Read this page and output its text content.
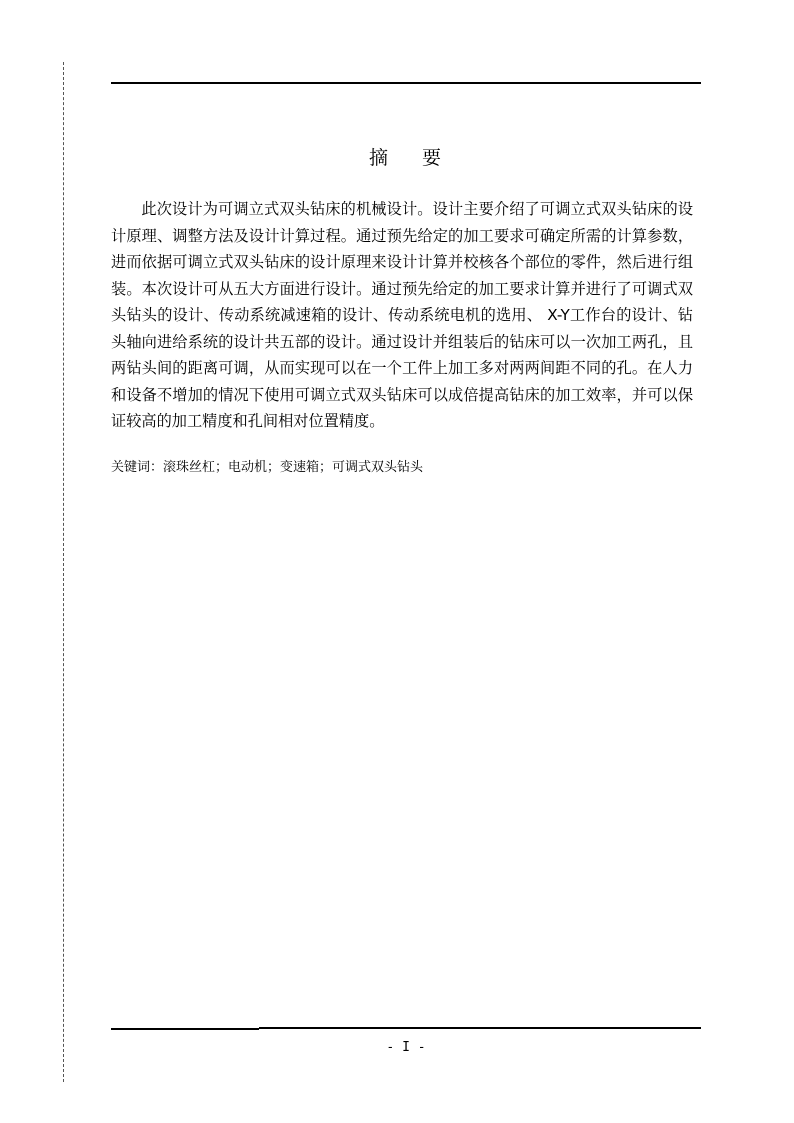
摘 要

此次设计为可调立式双头钻床的机械设计。设计主要介绍了可调立式双头钻床的设计原理、调整方法及设计计算过程。通过预先给定的加工要求可确定所需的计算参数，进而依据可调立式双头钻床的设计原理来设计计算并校核各个部位的零件，然后进行组装。本次设计可从五大方面进行设计。通过预先给定的加工要求计算并进行了可调式双头钻头的设计、传动系统减速箱的设计、传动系统电机的选用、 X-Y工作台的设计、钻头轴向进给系统的设计共五部的设计。通过设计并组装后的钻床可以一次加工两孔，且两钻头间的距离可调，从而实现可以在一个工件上加工多对两两间距不同的孔。在人力和设备不增加的情况下使用可调立式双头钻床可以成倍提高钻床的加工效率，并可以保证较高的加工精度和孔间相对位置精度。

关键词：滚珠丝杠；电动机；变速箱；可调式双头钻头
- I -
